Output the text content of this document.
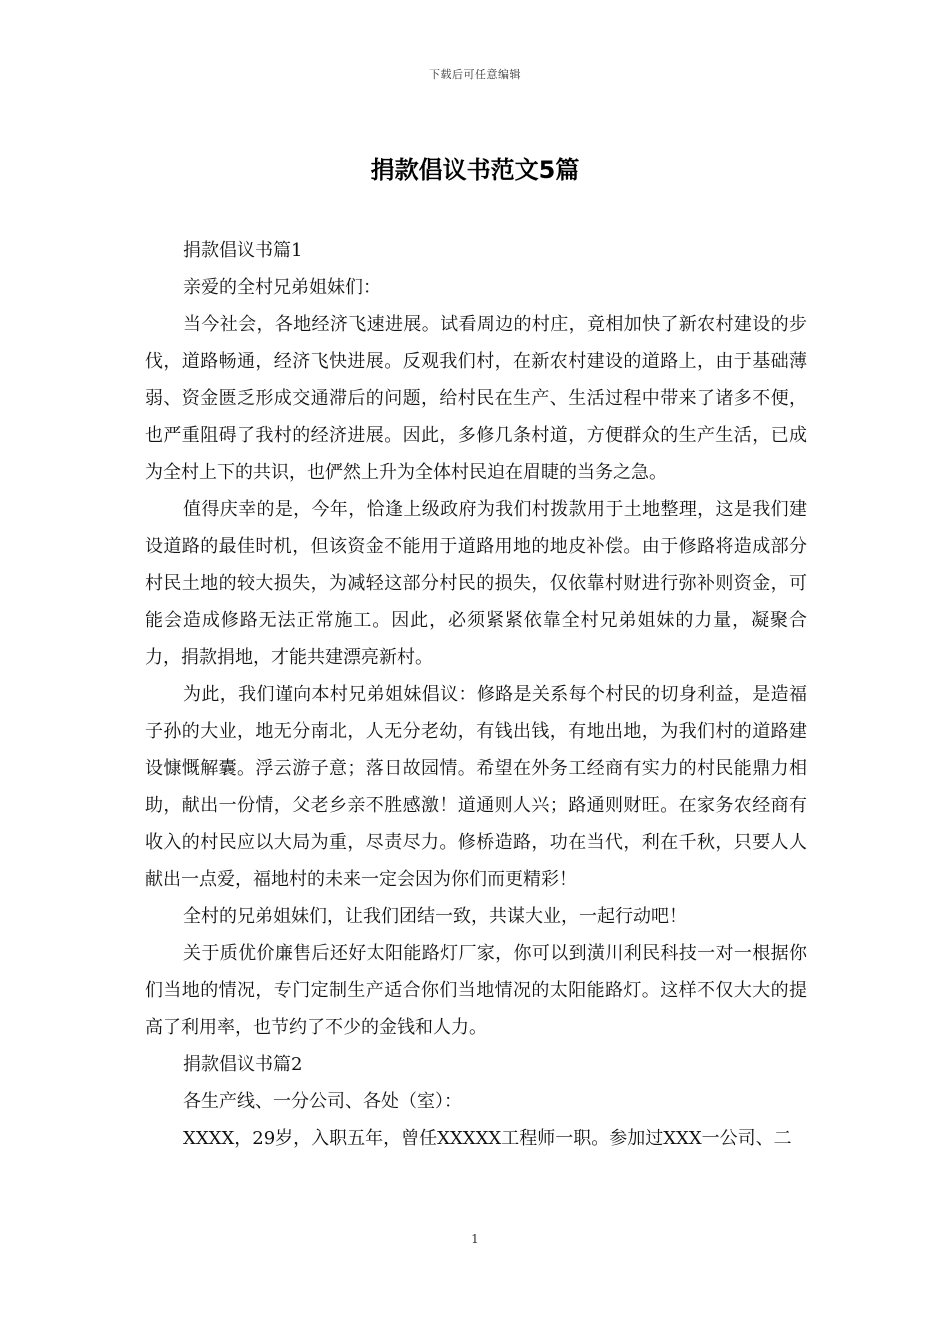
下载后可任意编辑
捐款倡议书范文5篇

捐款倡议书篇1

亲爱的全村兄弟姐妹们：

当今社会，各地经济飞速进展。试看周边的村庄，竟相加快了新农村建设的步伐，道路畅通，经济飞快进展。反观我们村，在新农村建设的道路上，由于基础薄弱、资金匮乏形成交通滞后的问题，给村民在生产、生活过程中带来了诸多不便，也严重阻碍了我村的经济进展。因此，多修几条村道，方便群众的生产生活，已成为全村上下的共识，也俨然上升为全体村民迫在眉睫的当务之急。

值得庆幸的是，今年，恰逢上级政府为我们村拨款用于土地整理，这是我们建设道路的最佳时机，但该资金不能用于道路用地的地皮补偿。由于修路将造成部分村民土地的较大损失，为减轻这部分村民的损失，仅依靠村财进行弥补则资金，可能会造成修路无法正常施工。因此，必须紧紧依靠全村兄弟姐妹的力量，凝聚合力，捐款捐地，才能共建漂亮新村。

为此，我们谨向本村兄弟姐妹倡议：修路是关系每个村民的切身利益，是造福子孙的大业，地无分南北，人无分老幼，有钱出钱，有地出地，为我们村的道路建设慷慨解囊。浮云游子意；落日故园情。希望在外务工经商有实力的村民能鼎力相助，献出一份情，父老乡亲不胜感激！道通则人兴；路通则财旺。在家务农经商有收入的村民应以大局为重，尽责尽力。修桥造路，功在当代，利在千秋，只要人人献出一点爱，福地村的未来一定会因为你们而更精彩！

全村的兄弟姐妹们，让我们团结一致，共谋大业，一起行动吧！

关于质优价廉售后还好太阳能路灯厂家，你可以到潢川利民科技一对一根据你们当地的情况，专门定制生产适合你们当地情况的太阳能路灯。这样不仅大大的提高了利用率，也节约了不少的金钱和人力。

捐款倡议书篇2

各生产线、一分公司、各处（室）：

XXXX，29岁，入职五年，曾任XXXXX工程师一职。参加过XXX一公司、二

1
